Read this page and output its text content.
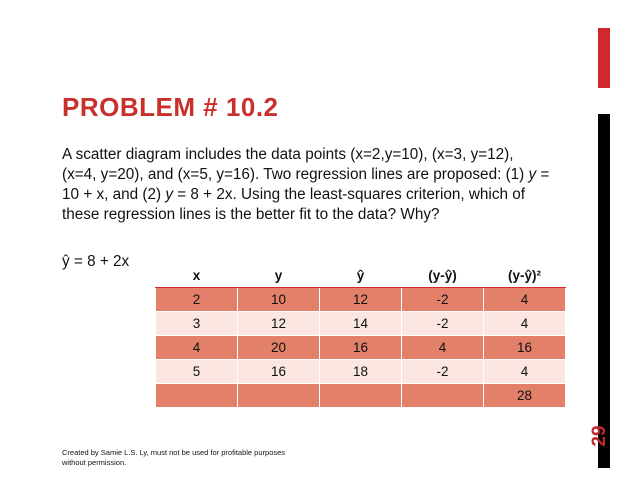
29
PROBLEM # 10.2

A scatter diagram includes the data points (x=2,y=10), (x=3, y=12), (x=4, y=20), and (x=5, y=16). Two regression lines are proposed: (1) y = 10 + x, and (2) y = 8 + 2x. Using the least-squares criterion, which of these regression lines is the better fit to the data? Why?

ŷ = 8 + 2x
x	y	ŷ	(y-ŷ)	(y-ŷ)²
2	10	12	-2	4
3	12	14	-2	4
4	20	16	4	16
5	16	18	-2	4
				28
Created by Samie L.S. Ly, must not be used for profitable purposes without permission.
